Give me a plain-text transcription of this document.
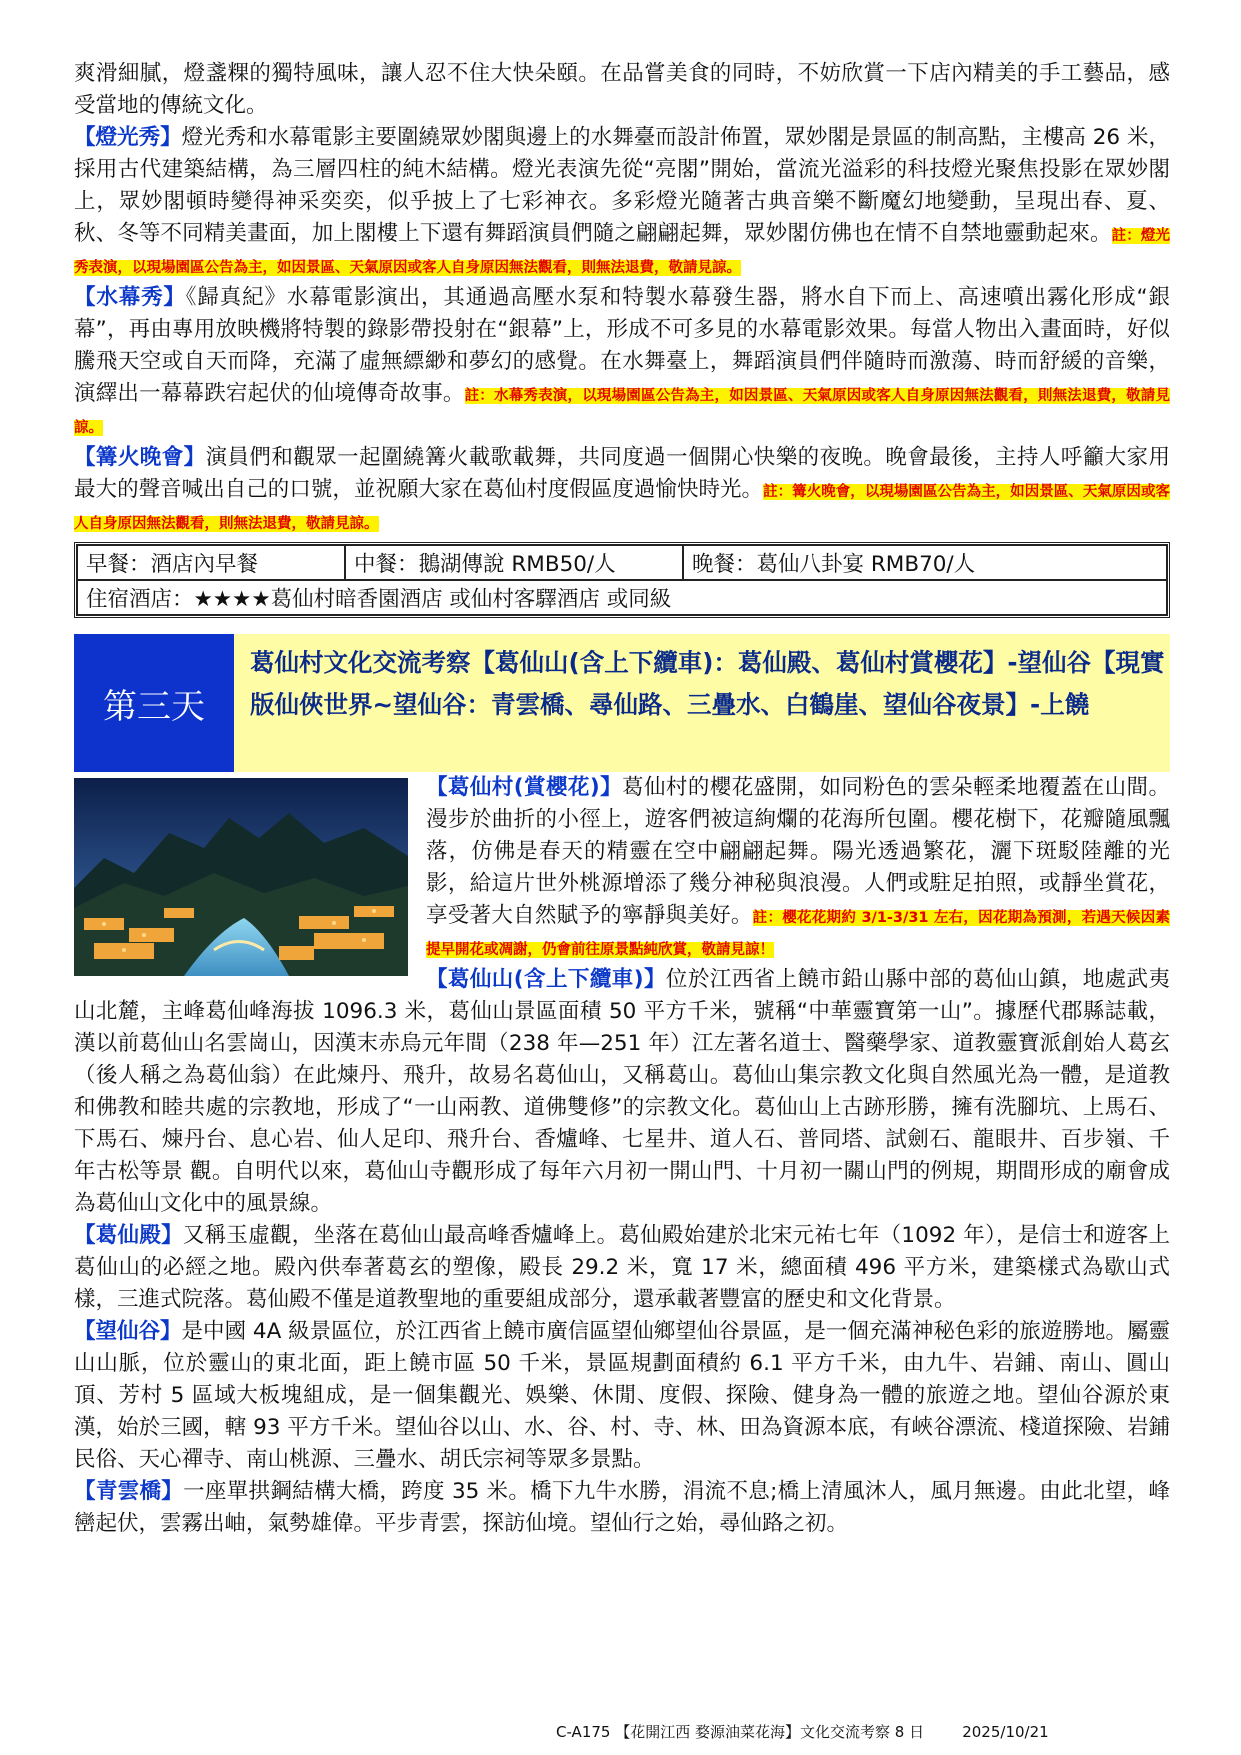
爽滑細膩，燈盞粿的獨特風味，讓人忍不住大快朵頤。在品嘗美食的同時，不妨欣賞一下店內精美的手工藝品，感受當地的傳統文化。

【燈光秀】燈光秀和水幕電影主要圍繞眾妙閣與邊上的水舞臺而設計佈置，眾妙閣是景區的制高點，主樓高 26 米，採用古代建築結構，為三層四柱的純木結構。燈光表演先從“亮閣”開始，當流光溢彩的科技燈光聚焦投影在眾妙閣上，眾妙閣頓時變得神采奕奕，似乎披上了七彩神衣。多彩燈光隨著古典音樂不斷魔幻地變動，呈現出春、夏、秋、冬等不同精美畫面，加上閣樓上下還有舞蹈演員們隨之翩翩起舞，眾妙閣仿佛也在情不自禁地靈動起來。註：燈光秀表演，以現場園區公告為主，如因景區、天氣原因或客人自身原因無法觀看，則無法退費，敬請見諒。

【水幕秀】《歸真紀》水幕電影演出，其通過高壓水泵和特製水幕發生器，將水自下而上、高速噴出霧化形成“銀幕”，再由專用放映機將特製的錄影帶投射在“銀幕”上，形成不可多見的水幕電影效果。每當人物出入畫面時，好似騰飛天空或自天而降，充滿了虛無縹緲和夢幻的感覺。在水舞臺上，舞蹈演員們伴隨時而激蕩、時而舒緩的音樂，演繹出一幕幕跌宕起伏的仙境傳奇故事。註：水幕秀表演，以現場園區公告為主，如因景區、天氣原因或客人自身原因無法觀看，則無法退費，敬請見諒。

【篝火晚會】演員們和觀眾一起圍繞篝火載歌載舞，共同度過一個開心快樂的夜晚。晚會最後，主持人呼籲大家用最大的聲音喊出自己的口號，並祝願大家在葛仙村度假區度過愉快時光。註：篝火晚會，以現場園區公告為主，如因景區、天氣原因或客人自身原因無法觀看，則無法退費，敬請見諒。

早餐：酒店內早餐	中餐：鵝湖傳說 RMB50/人	晚餐：葛仙八卦宴 RMB70/人
住宿酒店：★★★★葛仙村暗香園酒店 或仙村客驛酒店 或同級
第三天
葛仙村文化交流考察【葛仙山(含上下纜車)：葛仙殿、葛仙村賞櫻花】-望仙谷【現實版仙俠世界~望仙谷：青雲橋、尋仙路、三疊水、白鶴崖、望仙谷夜景】-上饒

【葛仙村(賞櫻花)】葛仙村的櫻花盛開，如同粉色的雲朵輕柔地覆蓋在山間。漫步於曲折的小徑上，遊客們被這絢爛的花海所包圍。櫻花樹下，花瓣隨風飄落，仿佛是春天的精靈在空中翩翩起舞。陽光透過繁花，灑下斑駁陸離的光影，給這片世外桃源增添了幾分神秘與浪漫。人們或駐足拍照，或靜坐賞花，享受著大自然賦予的寧靜與美好。註：櫻花花期約 3/1-3/31 左右，因花期為預測，若遇天候因素提早開花或凋謝，仍會前往原景點純欣賞，敬請見諒！

【葛仙山(含上下纜車)】位於江西省上饒市鉛山縣中部的葛仙山鎮，地處武夷山北麓，主峰葛仙峰海拔 1096.3 米，葛仙山景區面積 50 平方千米，號稱“中華靈寶第一山”。據歷代郡縣誌載，漢以前葛仙山名雲崗山，因漢末赤烏元年間（238 年—251 年）江左著名道士、醫藥學家、道教靈寶派創始人葛玄（後人稱之為葛仙翁）在此煉丹、飛升，故易名葛仙山，又稱葛山。葛仙山集宗教文化與自然風光為一體，是道教和佛教和睦共處的宗教地，形成了“一山兩教、道佛雙修”的宗教文化。葛仙山上古跡形勝，擁有洗腳坑、上馬石、下馬石、煉丹台、息心岩、仙人足印、飛升台、香爐峰、七星井、道人石、普同塔、試劍石、龍眼井、百步嶺、千年古松等景 觀。自明代以來，葛仙山寺觀形成了每年六月初一開山門、十月初一關山門的例規，期間形成的廟會成為葛仙山文化中的風景線。

【葛仙殿】又稱玉虛觀，坐落在葛仙山最高峰香爐峰上。葛仙殿始建於北宋元祐七年（1092 年），是信士和遊客上葛仙山的必經之地。殿內供奉著葛玄的塑像，殿長 29.2 米，寬 17 米，總面積 496 平方米，建築樣式為歇山式樣，三進式院落。葛仙殿不僅是道教聖地的重要組成部分，還承載著豐富的歷史和文化背景。

【望仙谷】是中國 4A 級景區位，於江西省上饒市廣信區望仙鄉望仙谷景區，是一個充滿神秘色彩的旅遊勝地。屬靈山山脈，位於靈山的東北面，距上饒市區 50 千米，景區規劃面積約 6.1 平方千米，由九牛、岩鋪、南山、圓山頂、芳村 5 區域大板塊組成，是一個集觀光、娛樂、休閒、度假、探險、健身為一體的旅遊之地。望仙谷源於東漢，始於三國，轄 93 平方千米。望仙谷以山、水、谷、村、寺、林、田為資源本底，有峽谷漂流、棧道探險、岩鋪民俗、天心禪寺、南山桃源、三疊水、胡氏宗祠等眾多景點。

【青雲橋】一座單拱鋼結構大橋，跨度 35 米。橋下九牛水勝，涓流不息;橋上清風沐人，風月無邊。由此北望，峰巒起伏，雲霧出岫，氣勢雄偉。平步青雲，探訪仙境。望仙行之始，尋仙路之初。

C-A175 【花開江西 婺源油菜花海】文化交流考察 8 日        2025/10/21
